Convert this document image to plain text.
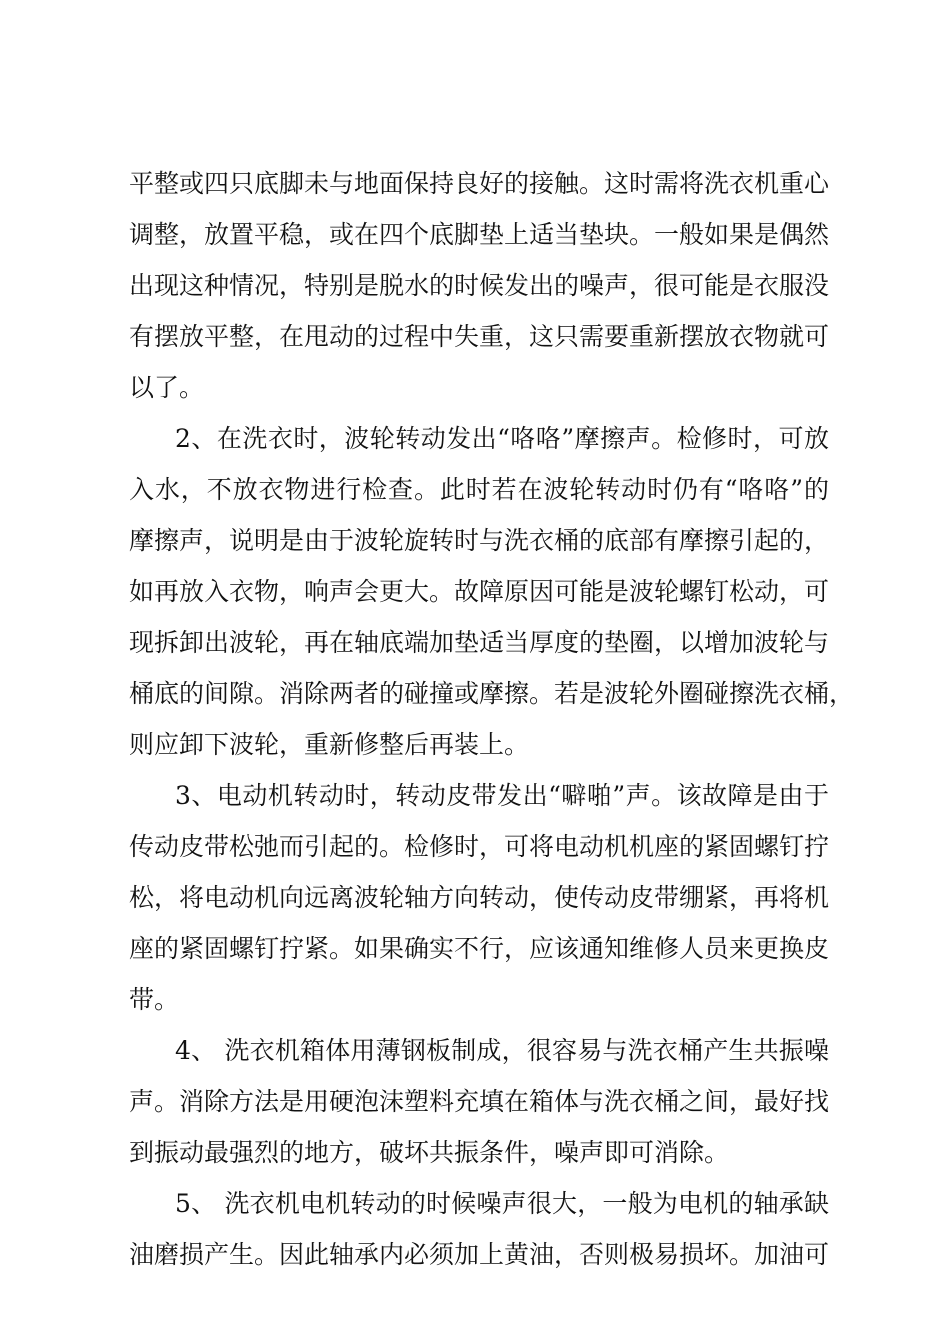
平整或四只底脚未与地面保持良好的接触。这时需将洗衣机重心

调整，放置平稳，或在四个底脚垫上适当垫块。一般如果是偶然

出现这种情况，特别是脱水的时候发出的噪声，很可能是衣服没

有摆放平整，在甩动的过程中失重，这只需要重新摆放衣物就可

以了。

2、在洗衣时，波轮转动发出“咯咯”摩擦声。检修时，可放

入水，不放衣物进行检查。此时若在波轮转动时仍有“咯咯”的

摩擦声，说明是由于波轮旋转时与洗衣桶的底部有摩擦引起的，

如再放入衣物，响声会更大。故障原因可能是波轮螺钉松动，可

现拆卸出波轮，再在轴底端加垫适当厚度的垫圈，以增加波轮与

桶底的间隙。消除两者的碰撞或摩擦。若是波轮外圈碰擦洗衣桶，

则应卸下波轮，重新修整后再装上。

3、电动机转动时，转动皮带发出“噼啪”声。该故障是由于

传动皮带松弛而引起的。检修时，可将电动机机座的紧固螺钉拧

松，将电动机向远离波轮轴方向转动，使传动皮带绷紧，再将机

座的紧固螺钉拧紧。如果确实不行，应该通知维修人员来更换皮

带。

4、 洗衣机箱体用薄钢板制成，很容易与洗衣桶产生共振噪

声。消除方法是用硬泡沫塑料充填在箱体与洗衣桶之间，最好找

到振动最强烈的地方，破坏共振条件，噪声即可消除。

5、 洗衣机电机转动的时候噪声很大，一般为电机的轴承缺

油磨损产生。因此轴承内必须加上黄油，否则极易损坏。加油可
